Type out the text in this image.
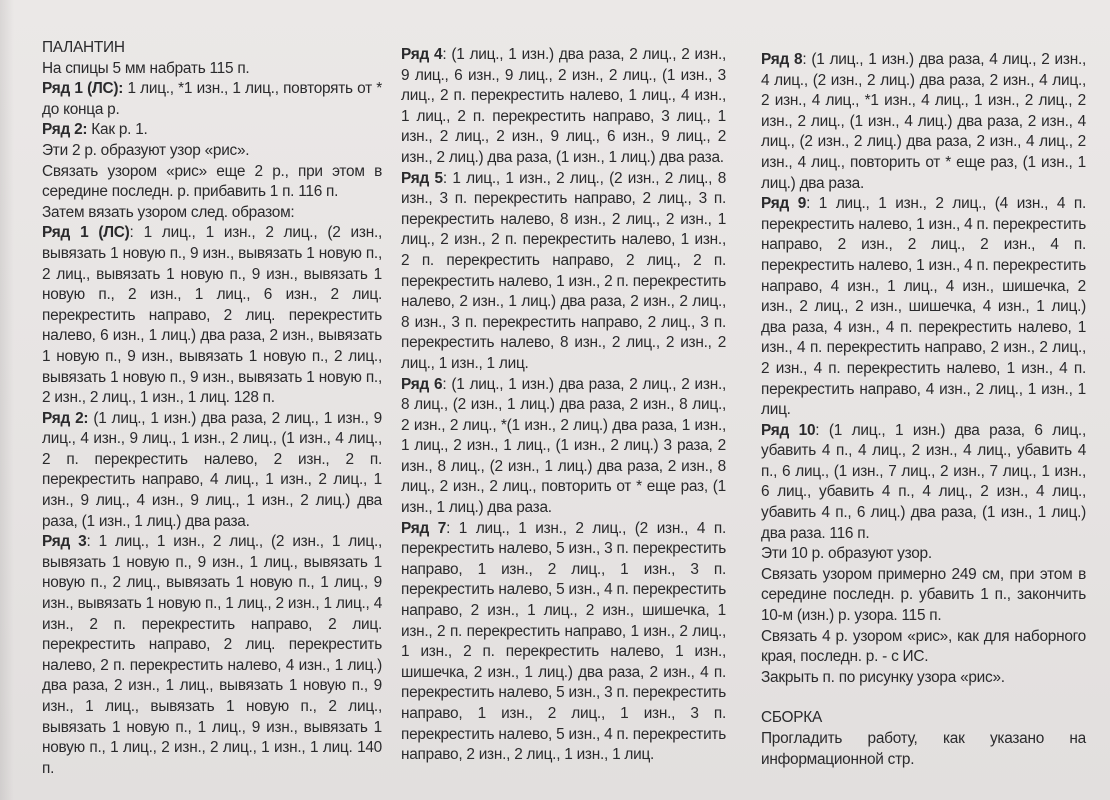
ПАЛАНТИН

На спицы 5 мм набрать 115 п.

Ряд 1 (ЛС): 1 лиц., *1 изн., 1 лиц., повторять от * до конца р.

Ряд 2: Как р. 1.

Эти 2 р. образуют узор «рис».

Связать узором «рис» еще 2 р., при этом в середине последн. р. прибавить 1 п. 116 п.

Затем вязать узором след. образом:

Ряд 1 (ЛС): 1 лиц., 1 изн., 2 лиц., (2 изн., вывязать 1 новую п., 9 изн., вывязать 1 новую п., 2 лиц., вывязать 1 новую п., 9 изн., вывязать 1 новую п., 2 изн., 1 лиц., 6 изн., 2 лиц. перекрестить направо, 2 лиц. перекрестить налево, 6 изн., 1 лиц.) два раза, 2 изн., вывязать 1 новую п., 9 изн., вывязать 1 новую п., 2 лиц., вывязать 1 новую п., 9 изн., вывязать 1 новую п., 2 изн., 2 лиц., 1 изн., 1 лиц. 128 п.

Ряд 2: (1 лиц., 1 изн.) два раза, 2 лиц., 1 изн., 9 лиц., 4 изн., 9 лиц., 1 изн., 2 лиц., (1 изн., 4 лиц., 2 п. перекрестить налево, 2 изн., 2 п. перекрестить направо, 4 лиц., 1 изн., 2 лиц., 1 изн., 9 лиц., 4 изн., 9 лиц., 1 изн., 2 лиц.) два раза, (1 изн., 1 лиц.) два раза.

Ряд 3: 1 лиц., 1 изн., 2 лиц., (2 изн., 1 лиц., вывязать 1 новую п., 9 изн., 1 лиц., вывязать 1 новую п., 2 лиц., вывязать 1 новую п., 1 лиц., 9 изн., вывязать 1 новую п., 1 лиц., 2 изн., 1 лиц., 4 изн., 2 п. перекрестить направо, 2 лиц. перекрестить направо, 2 лиц. перекрестить налево, 2 п. перекрестить налево, 4 изн., 1 лиц.) два раза, 2 изн., 1 лиц., вывязать 1 новую п., 9 изн., 1 лиц., вывязать 1 новую п., 2 лиц., вывязать 1 новую п., 1 лиц., 9 изн., вывязать 1 новую п., 1 лиц., 2 изн., 2 лиц., 1 изн., 1 лиц. 140 п.

Ряд 4: (1 лиц., 1 изн.) два раза, 2 лиц., 2 изн., 9 лиц., 6 изн., 9 лиц., 2 изн., 2 лиц., (1 изн., 3 лиц., 2 п. перекрестить налево, 1 лиц., 4 изн., 1 лиц., 2 п. перекрестить направо, 3 лиц., 1 изн., 2 лиц., 2 изн., 9 лиц., 6 изн., 9 лиц., 2 изн., 2 лиц.) два раза, (1 изн., 1 лиц.) два раза.

Ряд 5: 1 лиц., 1 изн., 2 лиц., (2 изн., 2 лиц., 8 изн., 3 п. перекрестить направо, 2 лиц., 3 п. перекрестить налево, 8 изн., 2 лиц., 2 изн., 1 лиц., 2 изн., 2 п. перекрестить налево, 1 изн., 2 п. перекрестить направо, 2 лиц., 2 п. перекрестить налево, 1 изн., 2 п. перекрестить налево, 2 изн., 1 лиц.) два раза, 2 изн., 2 лиц., 8 изн., 3 п. перекрестить направо, 2 лиц., 3 п. перекрестить налево, 8 изн., 2 лиц., 2 изн., 2 лиц., 1 изн., 1 лиц.

Ряд 6: (1 лиц., 1 изн.) два раза, 2 лиц., 2 изн., 8 лиц., (2 изн., 1 лиц.) два раза, 2 изн., 8 лиц., 2 изн., 2 лиц., *(1 изн., 2 лиц.) два раза, 1 изн., 1 лиц., 2 изн., 1 лиц., (1 изн., 2 лиц.) 3 раза, 2 изн., 8 лиц., (2 изн., 1 лиц.) два раза, 2 изн., 8 лиц., 2 изн., 2 лиц., повторить от * еще раз, (1 изн., 1 лиц.) два раза.

Ряд 7: 1 лиц., 1 изн., 2 лиц., (2 изн., 4 п. перекрестить налево, 5 изн., 3 п. перекрестить направо, 1 изн., 2 лиц., 1 изн., 3 п. перекрестить налево, 5 изн., 4 п. перекрестить направо, 2 изн., 1 лиц., 2 изн., шишечка, 1 изн., 2 п. перекрестить направо, 1 изн., 2 лиц., 1 изн., 2 п. перекрестить налево, 1 изн., шишечка, 2 изн., 1 лиц.) два раза, 2 изн., 4 п. перекрестить налево, 5 изн., 3 п. перекрестить направо, 1 изн., 2 лиц., 1 изн., 3 п. перекрестить налево, 5 изн., 4 п. перекрестить направо, 2 изн., 2 лиц., 1 изн., 1 лиц.

Ряд 8: (1 лиц., 1 изн.) два раза, 4 лиц., 2 изн., 4 лиц., (2 изн., 2 лиц.) два раза, 2 изн., 4 лиц., 2 изн., 4 лиц., *1 изн., 4 лиц., 1 изн., 2 лиц., 2 изн., 2 лиц., (1 изн., 4 лиц.) два раза, 2 изн., 4 лиц., (2 изн., 2 лиц.) два раза, 2 изн., 4 лиц., 2 изн., 4 лиц., повторить от * еще раз, (1 изн., 1 лиц.) два раза.

Ряд 9: 1 лиц., 1 изн., 2 лиц., (4 изн., 4 п. перекрестить налево, 1 изн., 4 п. перекрестить направо, 2 изн., 2 лиц., 2 изн., 4 п. перекрестить налево, 1 изн., 4 п. перекрестить направо, 4 изн., 1 лиц., 4 изн., шишечка, 2 изн., 2 лиц., 2 изн., шишечка, 4 изн., 1 лиц.) два раза, 4 изн., 4 п. перекрестить налево, 1 изн., 4 п. перекрестить направо, 2 изн., 2 лиц., 2 изн., 4 п. перекрестить налево, 1 изн., 4 п. перекрестить направо, 4 изн., 2 лиц., 1 изн., 1 лиц.

Ряд 10: (1 лиц., 1 изн.) два раза, 6 лиц., убавить 4 п., 4 лиц., 2 изн., 4 лиц., убавить 4 п., 6 лиц., (1 изн., 7 лиц., 2 изн., 7 лиц., 1 изн., 6 лиц., убавить 4 п., 4 лиц., 2 изн., 4 лиц., убавить 4 п., 6 лиц.) два раза, (1 изн., 1 лиц.) два раза. 116 п.

Эти 10 р. образуют узор.

Связать узором примерно 249 см, при этом в середине последн. р. убавить 1 п., закончить 10-м (изн.) р. узора. 115 п.

Связать 4 р. узором «рис», как для наборного края, последн. р. - с ИС.

Закрыть п. по рисунку узора «рис».

СБОРКА

Прогладить работу, как указано на информационной стр.
